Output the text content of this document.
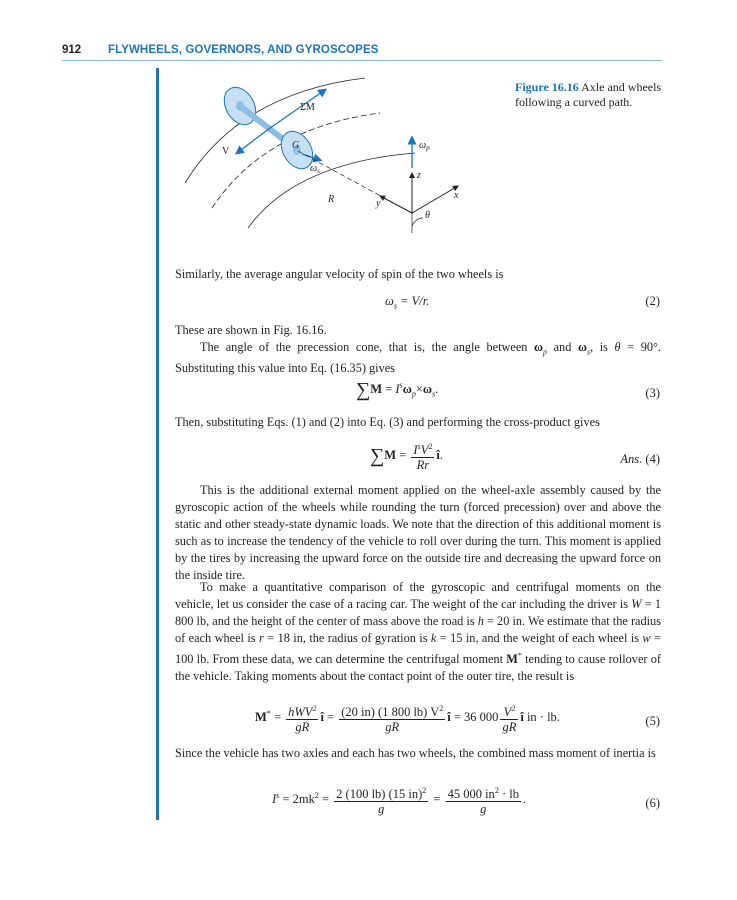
912 FLYWHEELS, GOVERNORS, AND GYROSCOPES
ΣM
V
G
$\omega_s$
$\omega_p$
z
x
y
R
θ
Figure 16.16 Axle and wheels following a curved path.
Similarly, the average angular velocity of spin of the two wheels is
$\omega_s = V/r$.	(2)
These are shown in Fig. 16.16.
The angle of the precession cone, that is, the angle between $\omega_p$ and $\omega_s$, is θ = 90°. Substituting this value into Eq. (16.35) gives
$\sum M = I^s\omega_p\times\omega_s$.	(3)
Then, substituting Eqs. (1) and (2) into Eq. (3) and performing the cross-product gives
$\sum M = \frac{I^sV^2}{Rr}$ î.	Ans. (4)
This is the additional external moment applied on the wheel-axle assembly caused by the gyroscopic action of the wheels while rounding the turn (forced precession) over and above the static and other steady-state dynamic loads. We note that the direction of this additional moment is such as to increase the tendency of the vehicle to roll over during the turn. This moment is applied by the tires by increasing the upward force on the outside tire and decreasing the upward force on the inside tire.
To make a quantitative comparison of the gyroscopic and centrifugal moments on the vehicle, let us consider the case of a racing car. The weight of the car including the driver is W = 1 800 lb, and the height of the center of mass above the road is h = 20 in. We estimate that the radius of each wheel is r = 18 in, the radius of gyration is k = 15 in, and the weight of each wheel is w = 100 lb. From these data, we can determine the centrifugal moment M* tending to cause rollover of the vehicle. Taking moments about the contact point of the outer tire, the result is
$M^* = \frac{hWV^2}{gR}$ î = $\frac{(20 in) (1 800 lb) V^2}{gR}$ î = 36 $000 \frac{V^2}{gR}$ î in · lb.	(5)
Since the vehicle has two axles and each has two wheels, the combined mass moment of inertia is
$I^s = 2mk^2 = \frac{2 (100 lb) (15 in)^2}{g} = \frac{45 000 in^2 \cdot lb}{g}$ .	(6)
